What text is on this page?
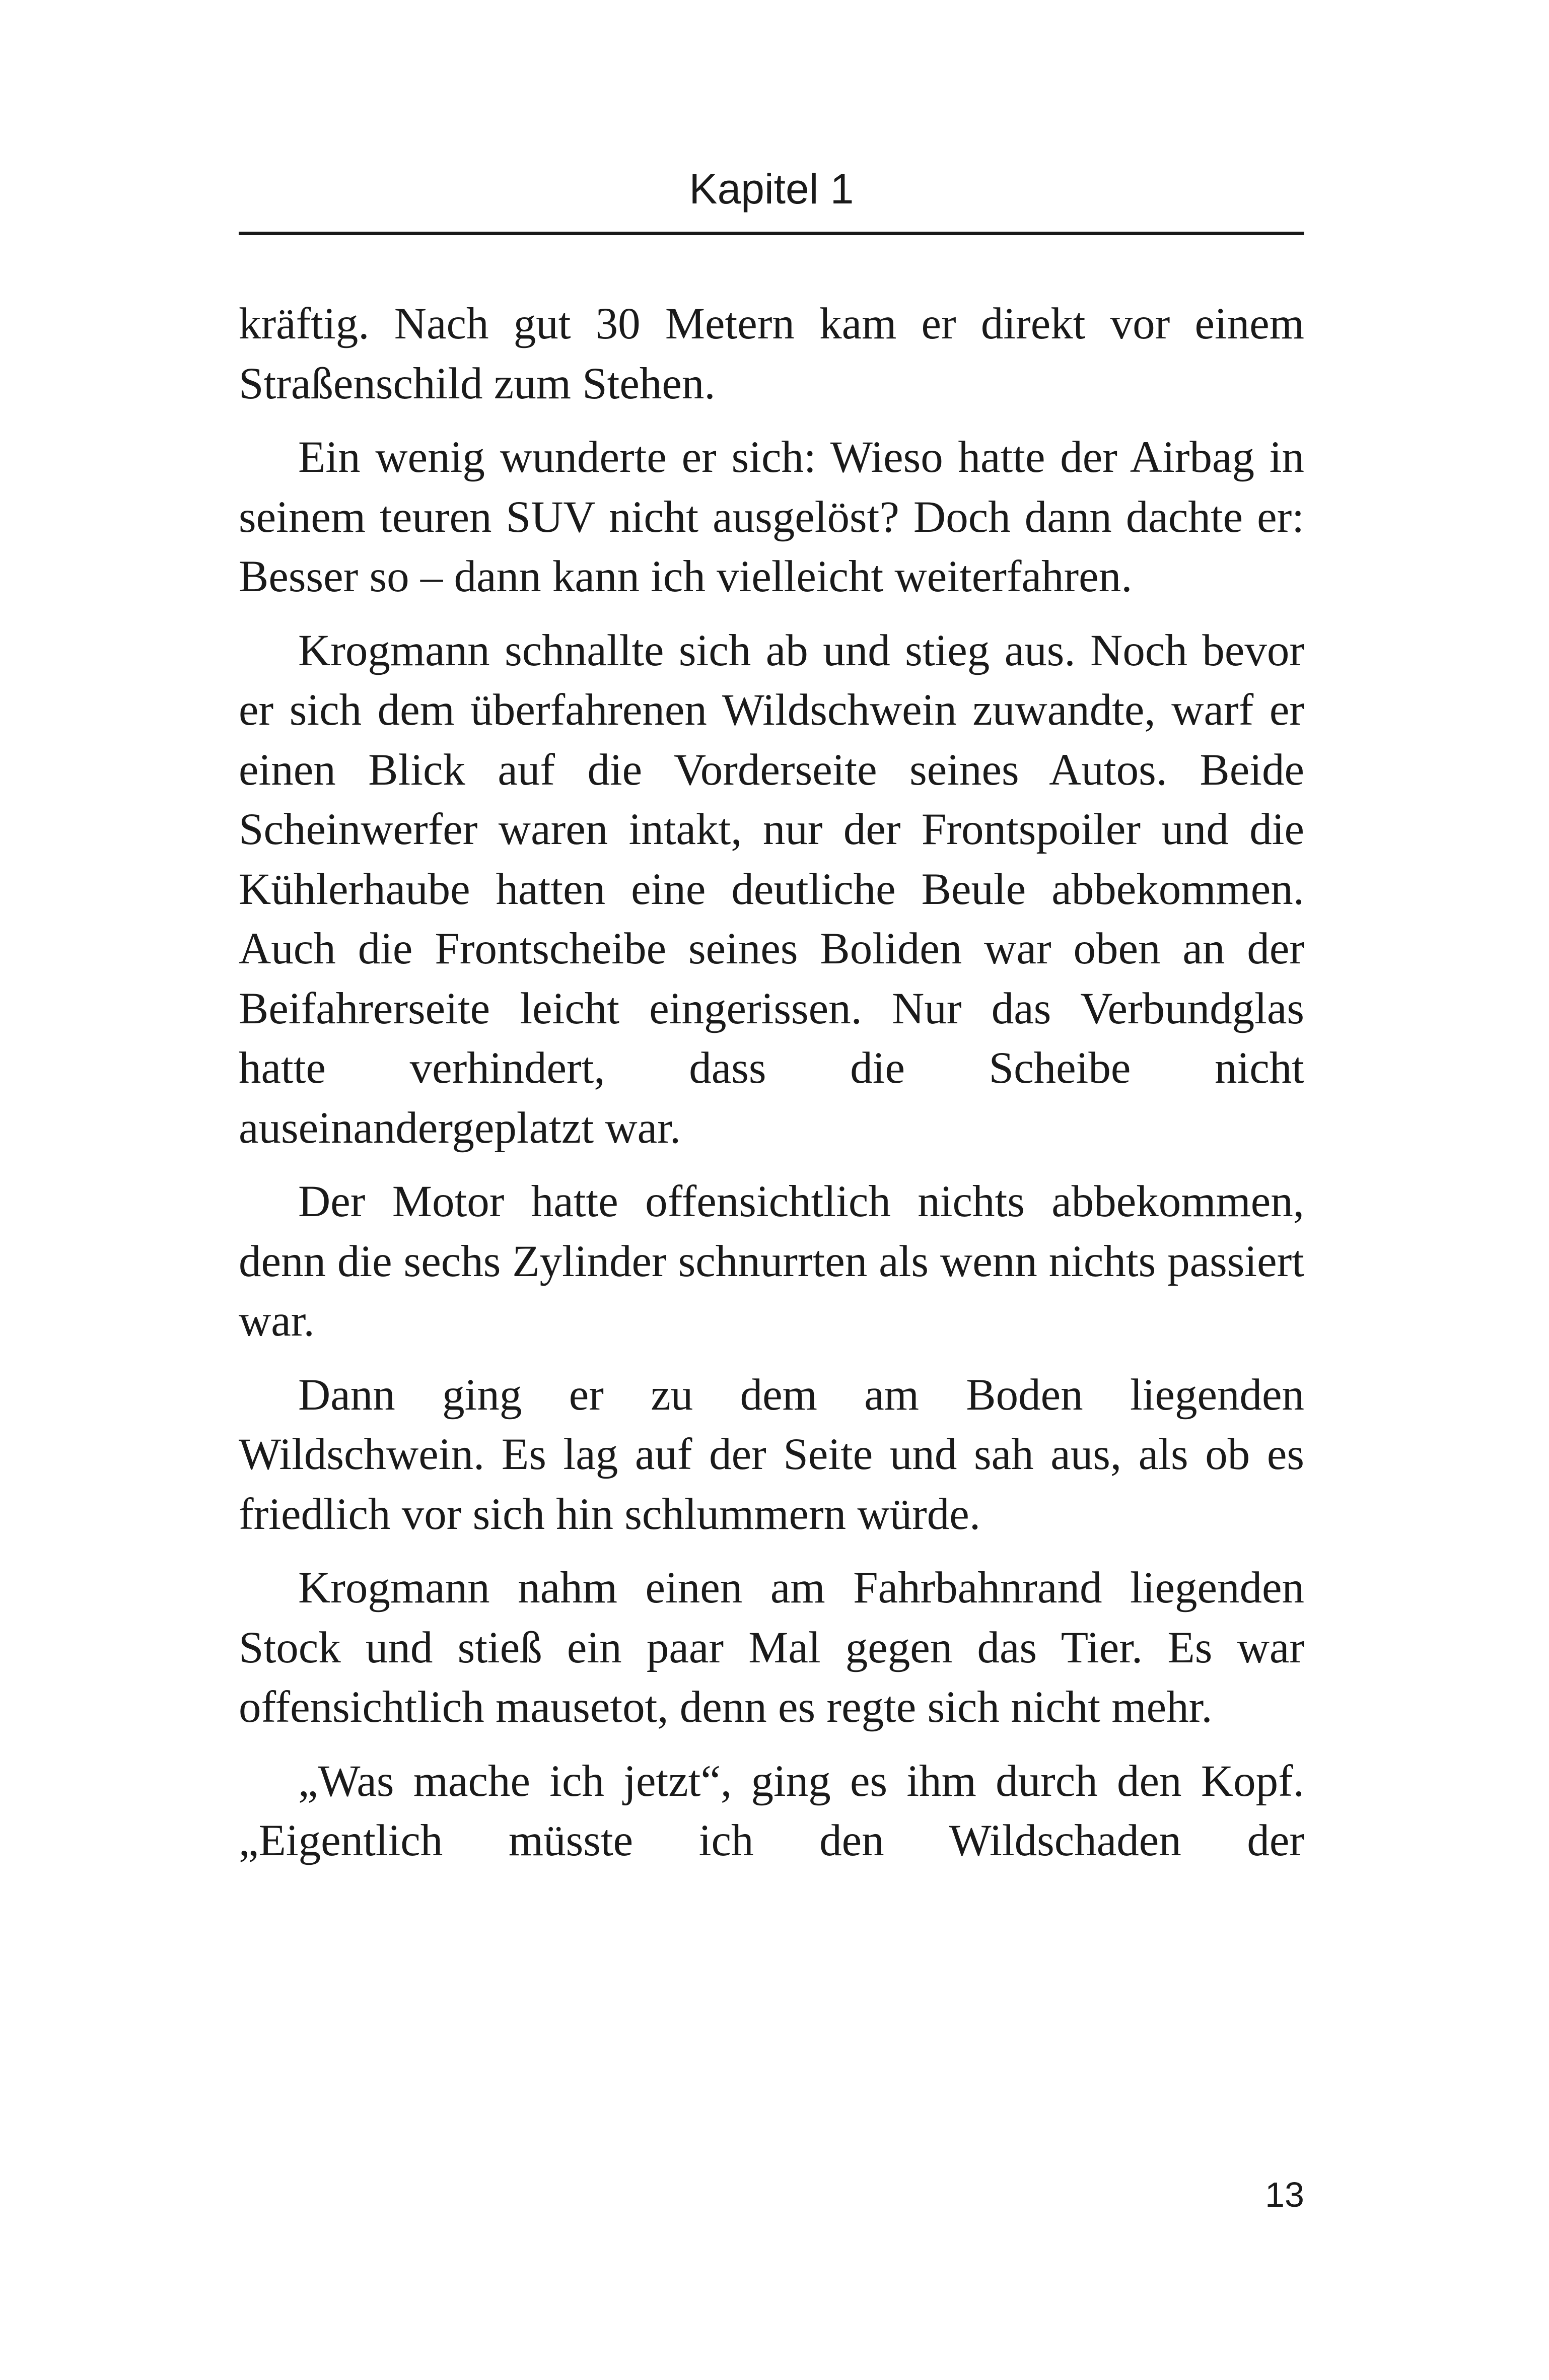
Kapitel 1

kräftig. Nach gut 30 Metern kam er direkt vor einem Straßenschild zum Stehen.

Ein wenig wunderte er sich: Wieso hatte der Airbag in seinem teuren SUV nicht ausgelöst? Doch dann dachte er: Besser so – dann kann ich vielleicht weiterfahren.

Krogmann schnallte sich ab und stieg aus. Noch bevor er sich dem überfahrenen Wildschwein zuwandte, warf er einen Blick auf die Vorderseite seines Autos. Beide Scheinwerfer waren intakt, nur der Frontspoiler und die Kühlerhaube hatten eine deutliche Beule abbekommen. Auch die Frontscheibe seines Boliden war oben an der Beifahrerseite leicht eingerissen. Nur das Verbundglas hatte verhindert, dass die Scheibe nicht auseinandergeplatzt war.

Der Motor hatte offensichtlich nichts abbekommen, denn die sechs Zylinder schnurrten als wenn nichts passiert war.

Dann ging er zu dem am Boden liegenden Wildschwein. Es lag auf der Seite und sah aus, als ob es friedlich vor sich hin schlummern würde.

Krogmann nahm einen am Fahrbahnrand liegenden Stock und stieß ein paar Mal gegen das Tier. Es war offensichtlich mausetot, denn es regte sich nicht mehr.

„Was mache ich jetzt“, ging es ihm durch den Kopf. „Eigentlich müsste ich den Wildschaden der

13
